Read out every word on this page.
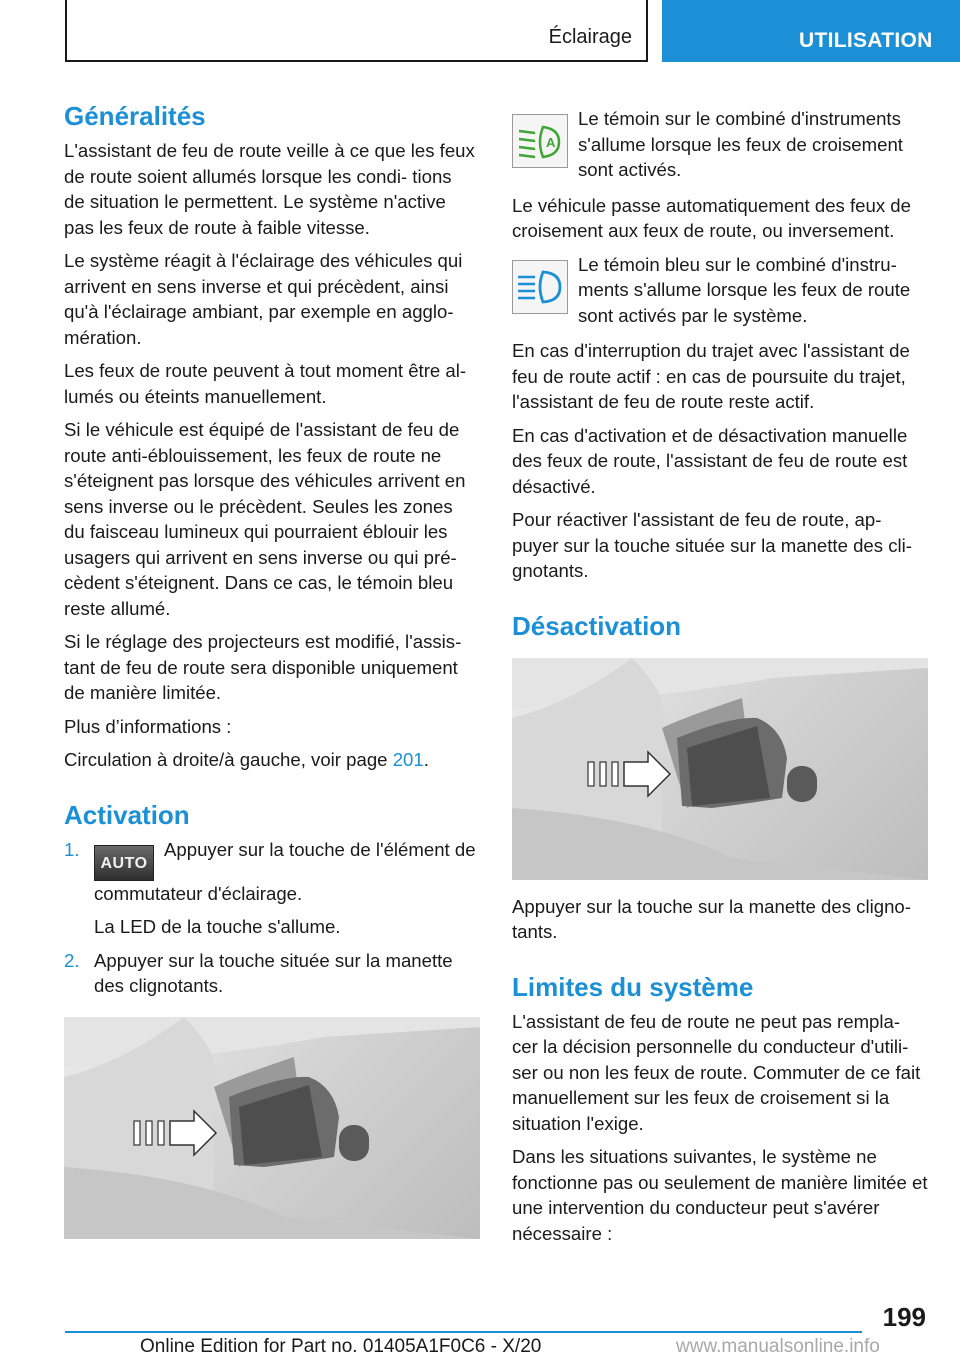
Éclairage	UTILISATION
Généralités

L'assistant de feu de route veille à ce que les feux de route soient allumés lorsque les condi‑ tions de situation le permettent. Le système n'active pas les feux de route à faible vitesse.

Le système réagit à l'éclairage des véhicules qui arrivent en sens inverse et qui précèdent, ainsi qu'à l'éclairage ambiant, par exemple en agglo‑ mération.

Les feux de route peuvent à tout moment être al‑ lumés ou éteints manuellement.

Si le véhicule est équipé de l'assistant de feu de route anti‑éblouissement, les feux de route ne s'éteignent pas lorsque des véhicules arrivent en sens inverse ou le précèdent. Seules les zones du faisceau lumineux qui pourraient éblouir les usagers qui arrivent en sens inverse ou qui pré‑ cèdent s'éteignent. Dans ce cas, le témoin bleu reste allumé.

Si le réglage des projecteurs est modifié, l'assis‑ tant de feu de route sera disponible uniquement de manière limitée.

Plus d’informations :

Circulation à droite/à gauche, voir page 201.

Activation
1.
AUTOAppuyer sur la touche de l'élément de commutateur d'éclairage.
La LED de la touche s'allume.
2. Appuyer sur la touche située sur la manette des clignotants.
A
Le témoin sur le combiné d'instruments s'allume lorsque les feux de croisement sont activés.

Le véhicule passe automatiquement des feux de croisement aux feux de route, ou inversement.

Le témoin bleu sur le combiné d'instru‑ ments s'allume lorsque les feux de route sont activés par le système.

En cas d'interruption du trajet avec l'assistant de feu de route actif : en cas de poursuite du trajet, l'assistant de feu de route reste actif.

En cas d'activation et de désactivation manuelle des feux de route, l'assistant de feu de route est désactivé.

Pour réactiver l'assistant de feu de route, ap‑ puyer sur la touche située sur la manette des cli‑ gnotants.

Désactivation

Appuyer sur la touche sur la manette des cligno‑ tants.

Limites du système

L'assistant de feu de route ne peut pas rempla‑ cer la décision personnelle du conducteur d'utili‑ ser ou non les feux de route. Commuter de ce fait manuellement sur les feux de croisement si la situation l'exige.

Dans les situations suivantes, le système ne fonctionne pas ou seulement de manière limitée et une intervention du conducteur peut s'avérer nécessaire :

199
Online Edition for Part no. 01405A1F0C6 - X/20	www.manualsonline.info
